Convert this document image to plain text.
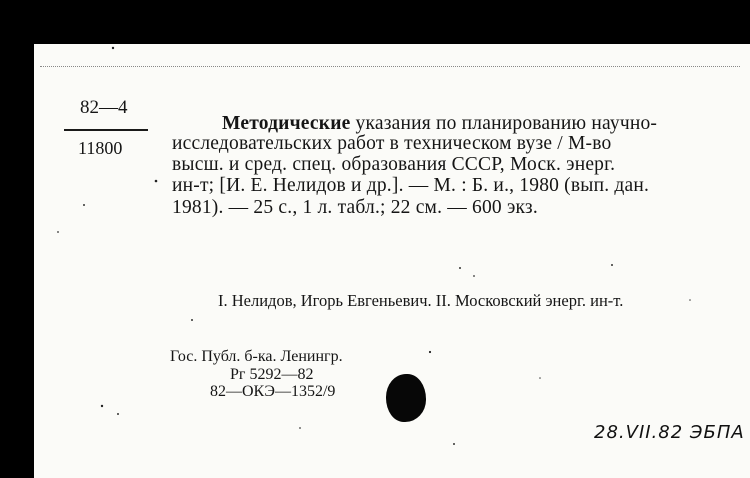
82—4
11800
Методические указания по планированию научно-
исследовательских работ в техническом вузе / М-во
высш. и сред. спец. образования СССР, Моск. энерг.
ин-т; [И. Е. Нелидов и др.]. — М. : Б. и., 1980 (вып. дан.
1981). — 25 с., 1 л. табл.; 22 см. — 600 экз.
I. Нелидов, Игорь Евгеньевич. II. Московский энерг. ин-т.
Гос. Публ. б-ка. Ленингр.
Рг 5292—82
82—ОКЭ—1352/9
28.VII.82 ЭБПА
